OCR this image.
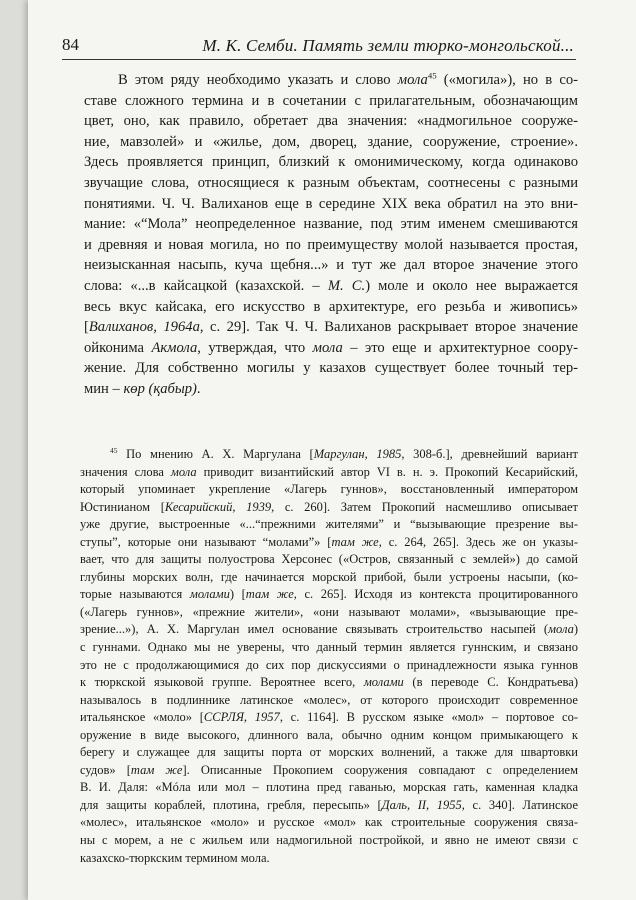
84	М. К. Семби. Память земли тюрко-монгольской...
В этом ряду необходимо указать и слово мола$^{45}$ («могила»), но в со-
ставе сложного термина и в сочетании с прилагательным, обозначающим
цвет, оно, как правило, обретает два значения: «надмогильное сооруже-
ние, мавзолей» и «жилье, дом, дворец, здание, сооружение, строение».
Здесь проявляется принцип, близкий к омонимическому, когда одинаково
звучащие слова, относящиеся к разным объектам, соотнесены с разными
понятиями. Ч. Ч. Валиханов еще в середине XIX века обратил на это вни-
мание: «“Мола” неопределенное название, под этим именем смешиваются
и древняя и новая могила, но по преимуществу молой называется простая,
неизысканная насыпь, куча щебня...» и тут же дал второе значение этого
слова: «...в кайсацкой (казахской. – М. С.) моле и около нее выражается
весь вкус кайсака, его искусство в архитектуре, его резьба и живопись»
[Валиханов, 1964а, с. 29]. Так Ч. Ч. Валиханов раскрывает второе значение
ойконима Акмола, утверждая, что мола – это еще и архитектурное соору-
жение. Для собственно могилы у казахов существует более точный тер-
мин – көр (қабыр).
$^{45}$ По мнению А. Х. Маргулана [Маргулан, 1985, 308-б.], древнейший вариант
значения слова мола приводит византийский автор VI в. н. э. Прокопий Кесарийский,
который упоминает укрепление «Лагерь гуннов», восстановленный императором
Юстинианом [Кесарийский, 1939, с. 260]. Затем Прокопий насмешливо описывает
уже другие, выстроенные «...“прежними жителями” и “вызывающие презрение вы-
ступы”, которые они называют “молами”» [там же, с. 264, 265]. Здесь же он указы-
вает, что для защиты полуострова Херсонес («Остров, связанный с землей») до самой
глубины морских волн, где начинается морской прибой, были устроены насыпи, (ко-
торые называются молами) [там же, с. 265]. Исходя из контекста процитированного
(«Лагерь гуннов», «прежние жители», «они называют молами», «вызывающие пре-
зрение...»), А. Х. Маргулан имел основание связывать строительство насыпей (мола)
с гуннами. Однако мы не уверены, что данный термин является гуннским, и связано
это не с продолжающимися до сих пор дискуссиями о принадлежности языка гуннов
к тюркской языковой группе. Вероятнее всего, молами (в переводе С. Кондратьева)
называлось в подлиннике латинское «молес», от которого происходит современное
итальянское «моло» [ССРЛЯ, 1957, с. 1164]. В русском языке «мол» – портовое со-
оружение в виде высокого, длинного вала, обычно одним концом примыкающего к
берегу и служащее для защиты порта от морских волнений, а также для швартовки
судов» [там же]. Описанные Прокопием сооружения совпадают с определением
В. И. Даля: «Мóла или мол – плотина пред гаванью, морская гать, каменная кладка
для защиты кораблей, плотина, гребля, пересыпь» [Даль, II, 1955, с. 340]. Латинское
«молес», итальянское «моло» и русское «мол» как строительные сооружения связа-
ны с морем, а не с жильем или надмогильной постройкой, и явно не имеют связи с
казахско-тюркским термином мола.
